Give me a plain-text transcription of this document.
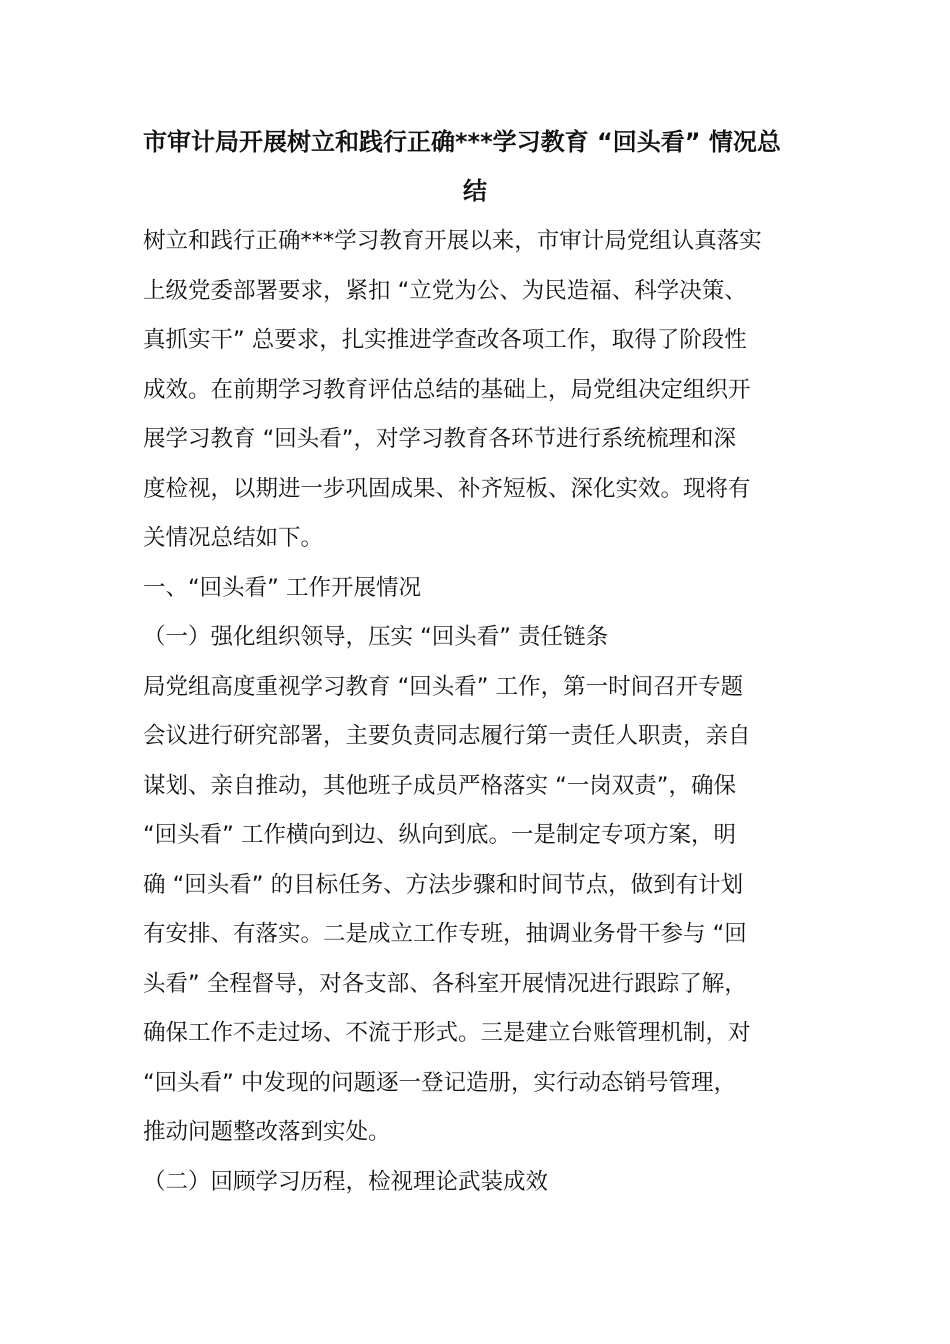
市审计局开展树立和践行正确***学习教育 “回头看” 情况总
结
树立和践行正确***学习教育开展以来，市审计局党组认真落实
上级党委部署要求，紧扣 “立党为公、为民造福、科学决策、
真抓实干” 总要求，扎实推进学查改各项工作，取得了阶段性
成效。在前期学习教育评估总结的基础上，局党组决定组织开
展学习教育 “回头看”，对学习教育各环节进行系统梳理和深
度检视，以期进一步巩固成果、补齐短板、深化实效。现将有
关情况总结如下。
一、“回头看” 工作开展情况
（一）强化组织领导，压实 “回头看” 责任链条
局党组高度重视学习教育 “回头看” 工作，第一时间召开专题
会议进行研究部署，主要负责同志履行第一责任人职责，亲自
谋划、亲自推动，其他班子成员严格落实 “一岗双责”，确保
“回头看” 工作横向到边、纵向到底。一是制定专项方案，明
确 “回头看” 的目标任务、方法步骤和时间节点，做到有计划
有安排、有落实。二是成立工作专班，抽调业务骨干参与 “回
头看” 全程督导，对各支部、各科室开展情况进行跟踪了解，
确保工作不走过场、不流于形式。三是建立台账管理机制，对
“回头看” 中发现的问题逐一登记造册，实行动态销号管理，
推动问题整改落到实处。
（二）回顾学习历程，检视理论武装成效
